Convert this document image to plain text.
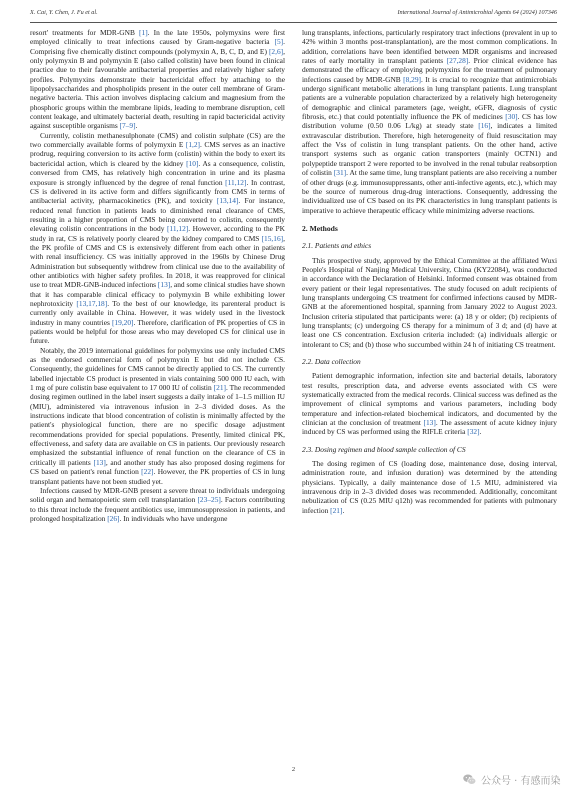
X. Cai, Y. Chen, J. Fu et al.	International Journal of Antimicrobial Agents 64 (2024) 107346

resort' treatments for MDR-GNB [1]. In the late 1950s, polymyxins were first employed clinically to treat infections caused by Gram-negative bacteria [5]. Comprising five chemically distinct compounds (polymyxin A, B, C, D, and E) [2,6], only polymyxin B and polymyxin E (also called colistin) have been found in clinical practice due to their favourable antibacterial properties and relatively higher safety profiles. Polymyxins demonstrate their bactericidal effect by attaching to the lipopolysaccharides and phospholipids present in the outer cell membrane of Gram-negative bacteria. This action involves displacing calcium and magnesium from the phosphoric groups within the membrane lipids, leading to membrane disruption, cell content leakage, and ultimately bacterial death, resulting in rapid bactericidal activity against susceptible organisms [7–9].

Currently, colistin methanesulphonate (CMS) and colistin sulphate (CS) are the two commercially available forms of polymyxin E [1,2]. CMS serves as an inactive prodrug, requiring conversion to its active form (colistin) within the body to exert its bactericidal action, which is cleared by the kidney [10]. As a consequence, colistin, conversed from CMS, has relatively high concentration in urine and its plasma exposure is strongly influenced by the degree of renal function [11,12]. In contrast, CS is delivered in its active form and differs significantly from CMS in terms of antibacterial activity, pharmacokinetics (PK), and toxicity [13,14]. For instance, reduced renal function in patients leads to diminished renal clearance of CMS, resulting in a higher proportion of CMS being converted to colistin, consequently elevating colistin concentrations in the body [11,12]. However, according to the PK study in rat, CS is relatively poorly cleared by the kidney compared to CMS [15,16], the PK profile of CMS and CS is extensively different from each other in patients with renal insufficiency. CS was initially approved in the 1960s by Chinese Drug Administration but subsequently withdrew from clinical use due to the availability of other antibiotics with higher safety profiles. In 2018, it was reapproved for clinical use to treat MDR-GNB-induced infections [13], and some clinical studies have shown that it has comparable clinical efficacy to polymyxin B while exhibiting lower nephrotoxicity [13,17,18]. To the best of our knowledge, its parenteral product is currently only available in China. However, it was widely used in the livestock industry in many countries [19,20]. Therefore, clarification of PK properties of CS in patients would be helpful for those areas who may developed CS for clinical use in future.

Notably, the 2019 international guidelines for polymyxins use only included CMS as the endorsed commercial form of polymyxin E but did not include CS. Consequently, the guidelines for CMS cannot be directly applied to CS. The currently labelled injectable CS product is presented in vials containing 500 000 IU each, with 1 mg of pure colistin base equivalent to 17 000 IU of colistin [21]. The recommended dosing regimen outlined in the label insert suggests a daily intake of 1–1.5 million IU (MIU), administered via intravenous infusion in 2–3 divided doses. As the instructions indicate that blood concentration of colistin is minimally affected by the patient's physiological function, there are no specific dosage adjustment recommendations provided for special populations. Presently, limited clinical PK, effectiveness, and safety data are available on CS in patients. Our previously research emphasized the substantial influence of renal function on the clearance of CS in critically ill patients [13], and another study has also proposed dosing regimens for CS based on patient's renal function [22]. However, the PK properties of CS in lung transplant patients have not been studied yet.

Infections caused by MDR-GNB present a severe threat to individuals undergoing solid organ and hematopoietic stem cell transplantation [23–25]. Factors contributing to this threat include the frequent antibiotics use, immunosuppression in patients, and prolonged hospitalization [26]. In individuals who have undergone

lung transplants, infections, particularly respiratory tract infections (prevalent in up to 42% within 3 months post-transplantation), are the most common complications. In addition, correlations have been identified between MDR organisms and increased rates of early mortality in transplant patients [27,28]. Prior clinical evidence has demonstrated the efficacy of employing polymyxins for the treatment of pulmonary infections caused by MDR-GNB [8,29]. It is crucial to recognize that antimicrobials undergo significant metabolic alterations in lung transplant patients. Lung transplant patients are a vulnerable population characterized by a relatively high heterogeneity of demographic and clinical parameters (age, weight, eGFR, diagnosis of cystic fibrosis, etc.) that could potentially influence the PK of medicines [30]. CS has low distribution volume (0.50 0.06 L/kg) at steady state [16], indicates a limited extravascular distribution. Therefore, high heterogeneity of fluid resuscitation may affect the Vss of colistin in lung transplant patients. On the other hand, active transport systems such as organic cation transporters (mainly OCTN1) and polypeptide transport 2 were reported to be involved in the renal tubular reabsorption of colistin [31]. At the same time, lung transplant patients are also receiving a number of other drugs (e.g. immunosuppressants, other anti-infective agents, etc.), which may be the source of numerous drug-drug interactions. Consequently, addressing the individualized use of CS based on its PK characteristics in lung transplant patients is imperative to achieve therapeutic efficacy while minimizing adverse reactions.

2. Methods
2.1. Patients and ethics

This prospective study, approved by the Ethical Committee at the affiliated Wuxi People's Hospital of Nanjing Medical University, China (KY22084), was conducted in accordance with the Declaration of Helsinki. Informed consent was obtained from every patient or their legal representatives. The study focused on adult recipients of lung transplants undergoing CS treatment for confirmed infections caused by MDR-GNB at the aforementioned hospital, spanning from January 2022 to August 2023. Inclusion criteria stipulated that participants were: (a) 18 y or older; (b) recipients of lung transplants; (c) undergoing CS therapy for a minimum of 3 d; and (d) have at least one CS concentration. Exclusion criteria included: (a) individuals allergic or intolerant to CS; and (b) those who succumbed within 24 h of initiating CS treatment.

2.2. Data collection

Patient demographic information, infection site and bacterial details, laboratory test results, prescription data, and adverse events associated with CS were systematically extracted from the medical records. Clinical success was defined as the improvement of clinical symptoms and various parameters, including body temperature and infection-related biochemical indicators, and documented by the clinician at the conclusion of treatment [13]. The assessment of acute kidney injury induced by CS was performed using the RIFLE criteria [32].

2.3. Dosing regimen and blood sample collection of CS

The dosing regimen of CS (loading dose, maintenance dose, dosing interval, administration route, and infusion duration) was determined by the attending physicians. Typically, a daily maintenance dose of 1.5 MIU, administered via intravenous drip in 2–3 divided doses was recommended. Additionally, concomitant nebulization of CS (0.25 MIU q12h) was recommended for patients with pulmonary infection [21].

2
公众号 · 有感而染
